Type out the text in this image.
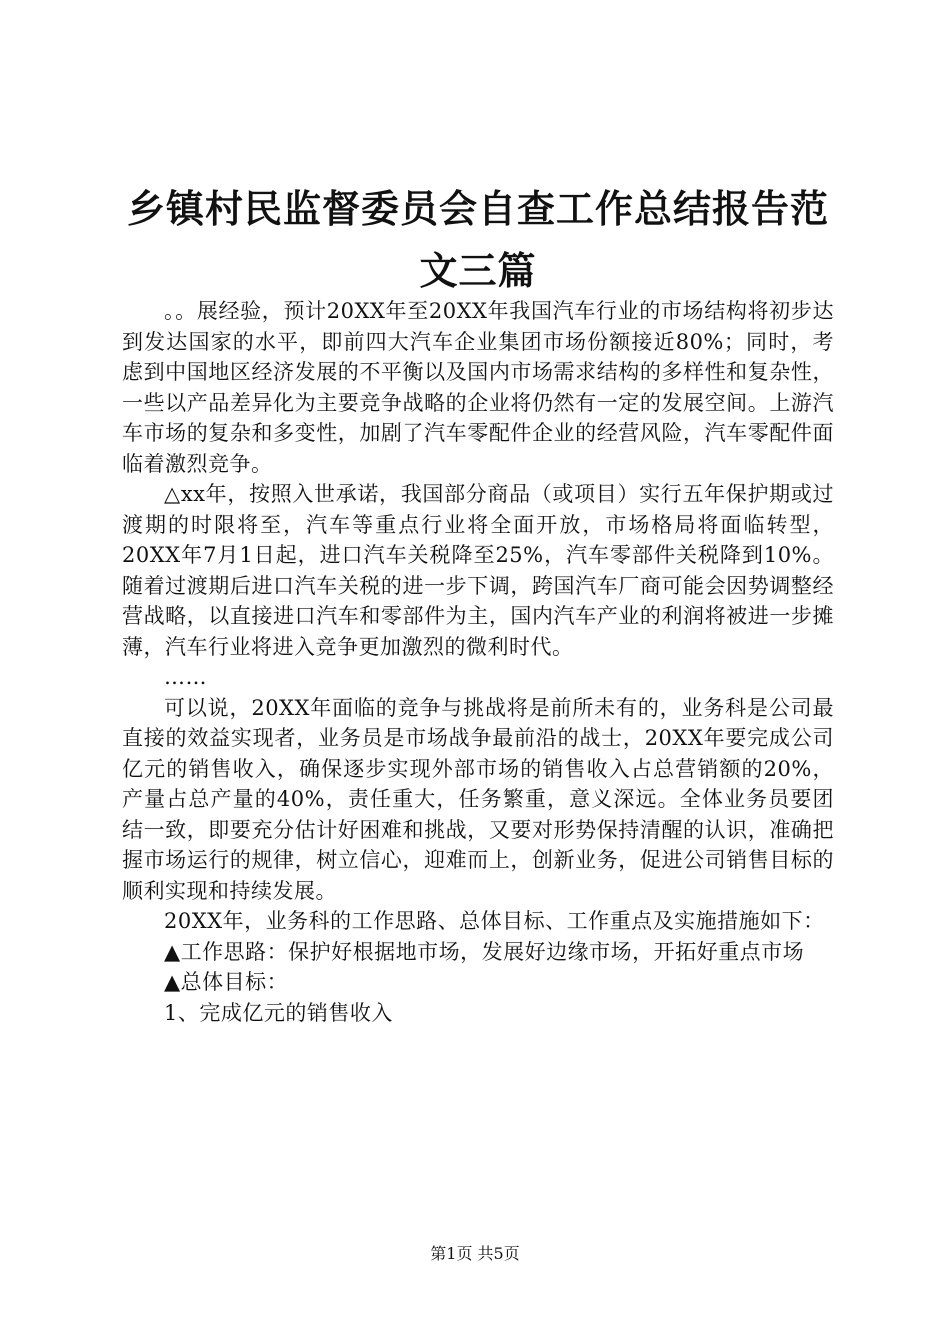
乡镇村民监督委员会自查工作总结报告范文三篇

。。展经验，预计20XX年至20XX年我国汽车行业的市场结构将初步达到发达国家的水平，即前四大汽车企业集团市场份额接近80%；同时，考虑到中国地区经济发展的不平衡以及国内市场需求结构的多样性和复杂性，一些以产品差异化为主要竞争战略的企业将仍然有一定的发展空间。上游汽车市场的复杂和多变性，加剧了汽车零配件企业的经营风险，汽车零配件面临着激烈竞争。

△xx年，按照入世承诺，我国部分商品（或项目）实行五年保护期或过渡期的时限将至，汽车等重点行业将全面开放，市场格局将面临转型，20XX年7月1日起，进口汽车关税降至25%，汽车零部件关税降到10%。随着过渡期后进口汽车关税的进一步下调，跨国汽车厂商可能会因势调整经营战略，以直接进口汽车和零部件为主，国内汽车产业的利润将被进一步摊薄，汽车行业将进入竞争更加激烈的微利时代。

……

可以说，20XX年面临的竞争与挑战将是前所未有的，业务科是公司最直接的效益实现者，业务员是市场战争最前沿的战士，20XX年要完成公司亿元的销售收入，确保逐步实现外部市场的销售收入占总营销额的20%，产量占总产量的40%，责任重大，任务繁重，意义深远。全体业务员要团结一致，即要充分估计好困难和挑战，又要对形势保持清醒的认识，准确把握市场运行的规律，树立信心，迎难而上，创新业务，促进公司销售目标的顺利实现和持续发展。

20XX年，业务科的工作思路、总体目标、工作重点及实施措施如下：

▲工作思路：保护好根据地市场，发展好边缘市场，开拓好重点市场

▲总体目标：

1、完成亿元的销售收入

第1页 共5页
